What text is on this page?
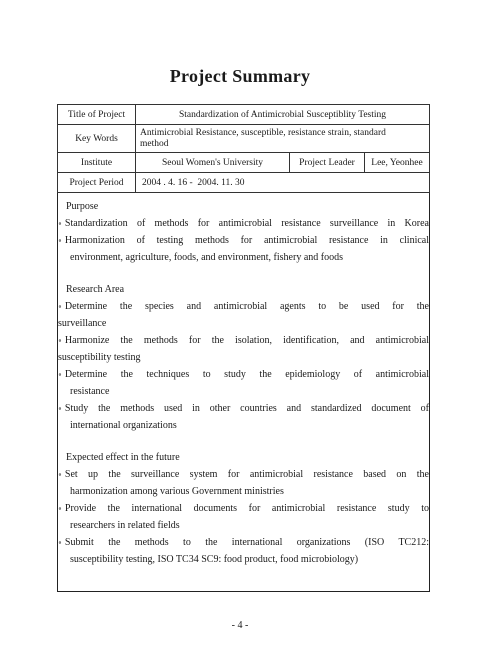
Project Summary
Title of Project	Standardization of Antimicrobial Susceptiblity Testing		
Key Words	Antimicrobial Resistance, susceptible, resistance strain, standard
method		

Institute	Seoul Women's University	Project Leader	Lee, Yeonhee
Project Period	2004 . 4. 16 -  2004. 11. 30		
Purpose
∘ Standardization of methods for antimicrobial resistance surveillance in Korea
∘ Harmonization of testing methods for antimicrobial resistance in clinical
environment, agriculture, foods, and environment, fishery and foods
Research Area
∘ Determine the species and antimicrobial agents to be used for the
surveillance
∘ Harmonize the methods for the isolation, identification, and antimicrobial
susceptibility testing
∘ Determine the techniques to study the epidemiology of antimicrobial
resistance
∘ Study the methods used in other countries and standardized document of
international organizations
Expected effect in the future
∘ Set up the surveillance system for antimicrobial resistance based on the
harmonization among various Government ministries
∘ Provide the international documents for antimicrobial resistance study to
researchers in related fields
∘ Submit the methods to the international organizations (ISO TC212:
susceptibility testing, ISO TC34 SC9: food product, food microbiology)
- 4 -
